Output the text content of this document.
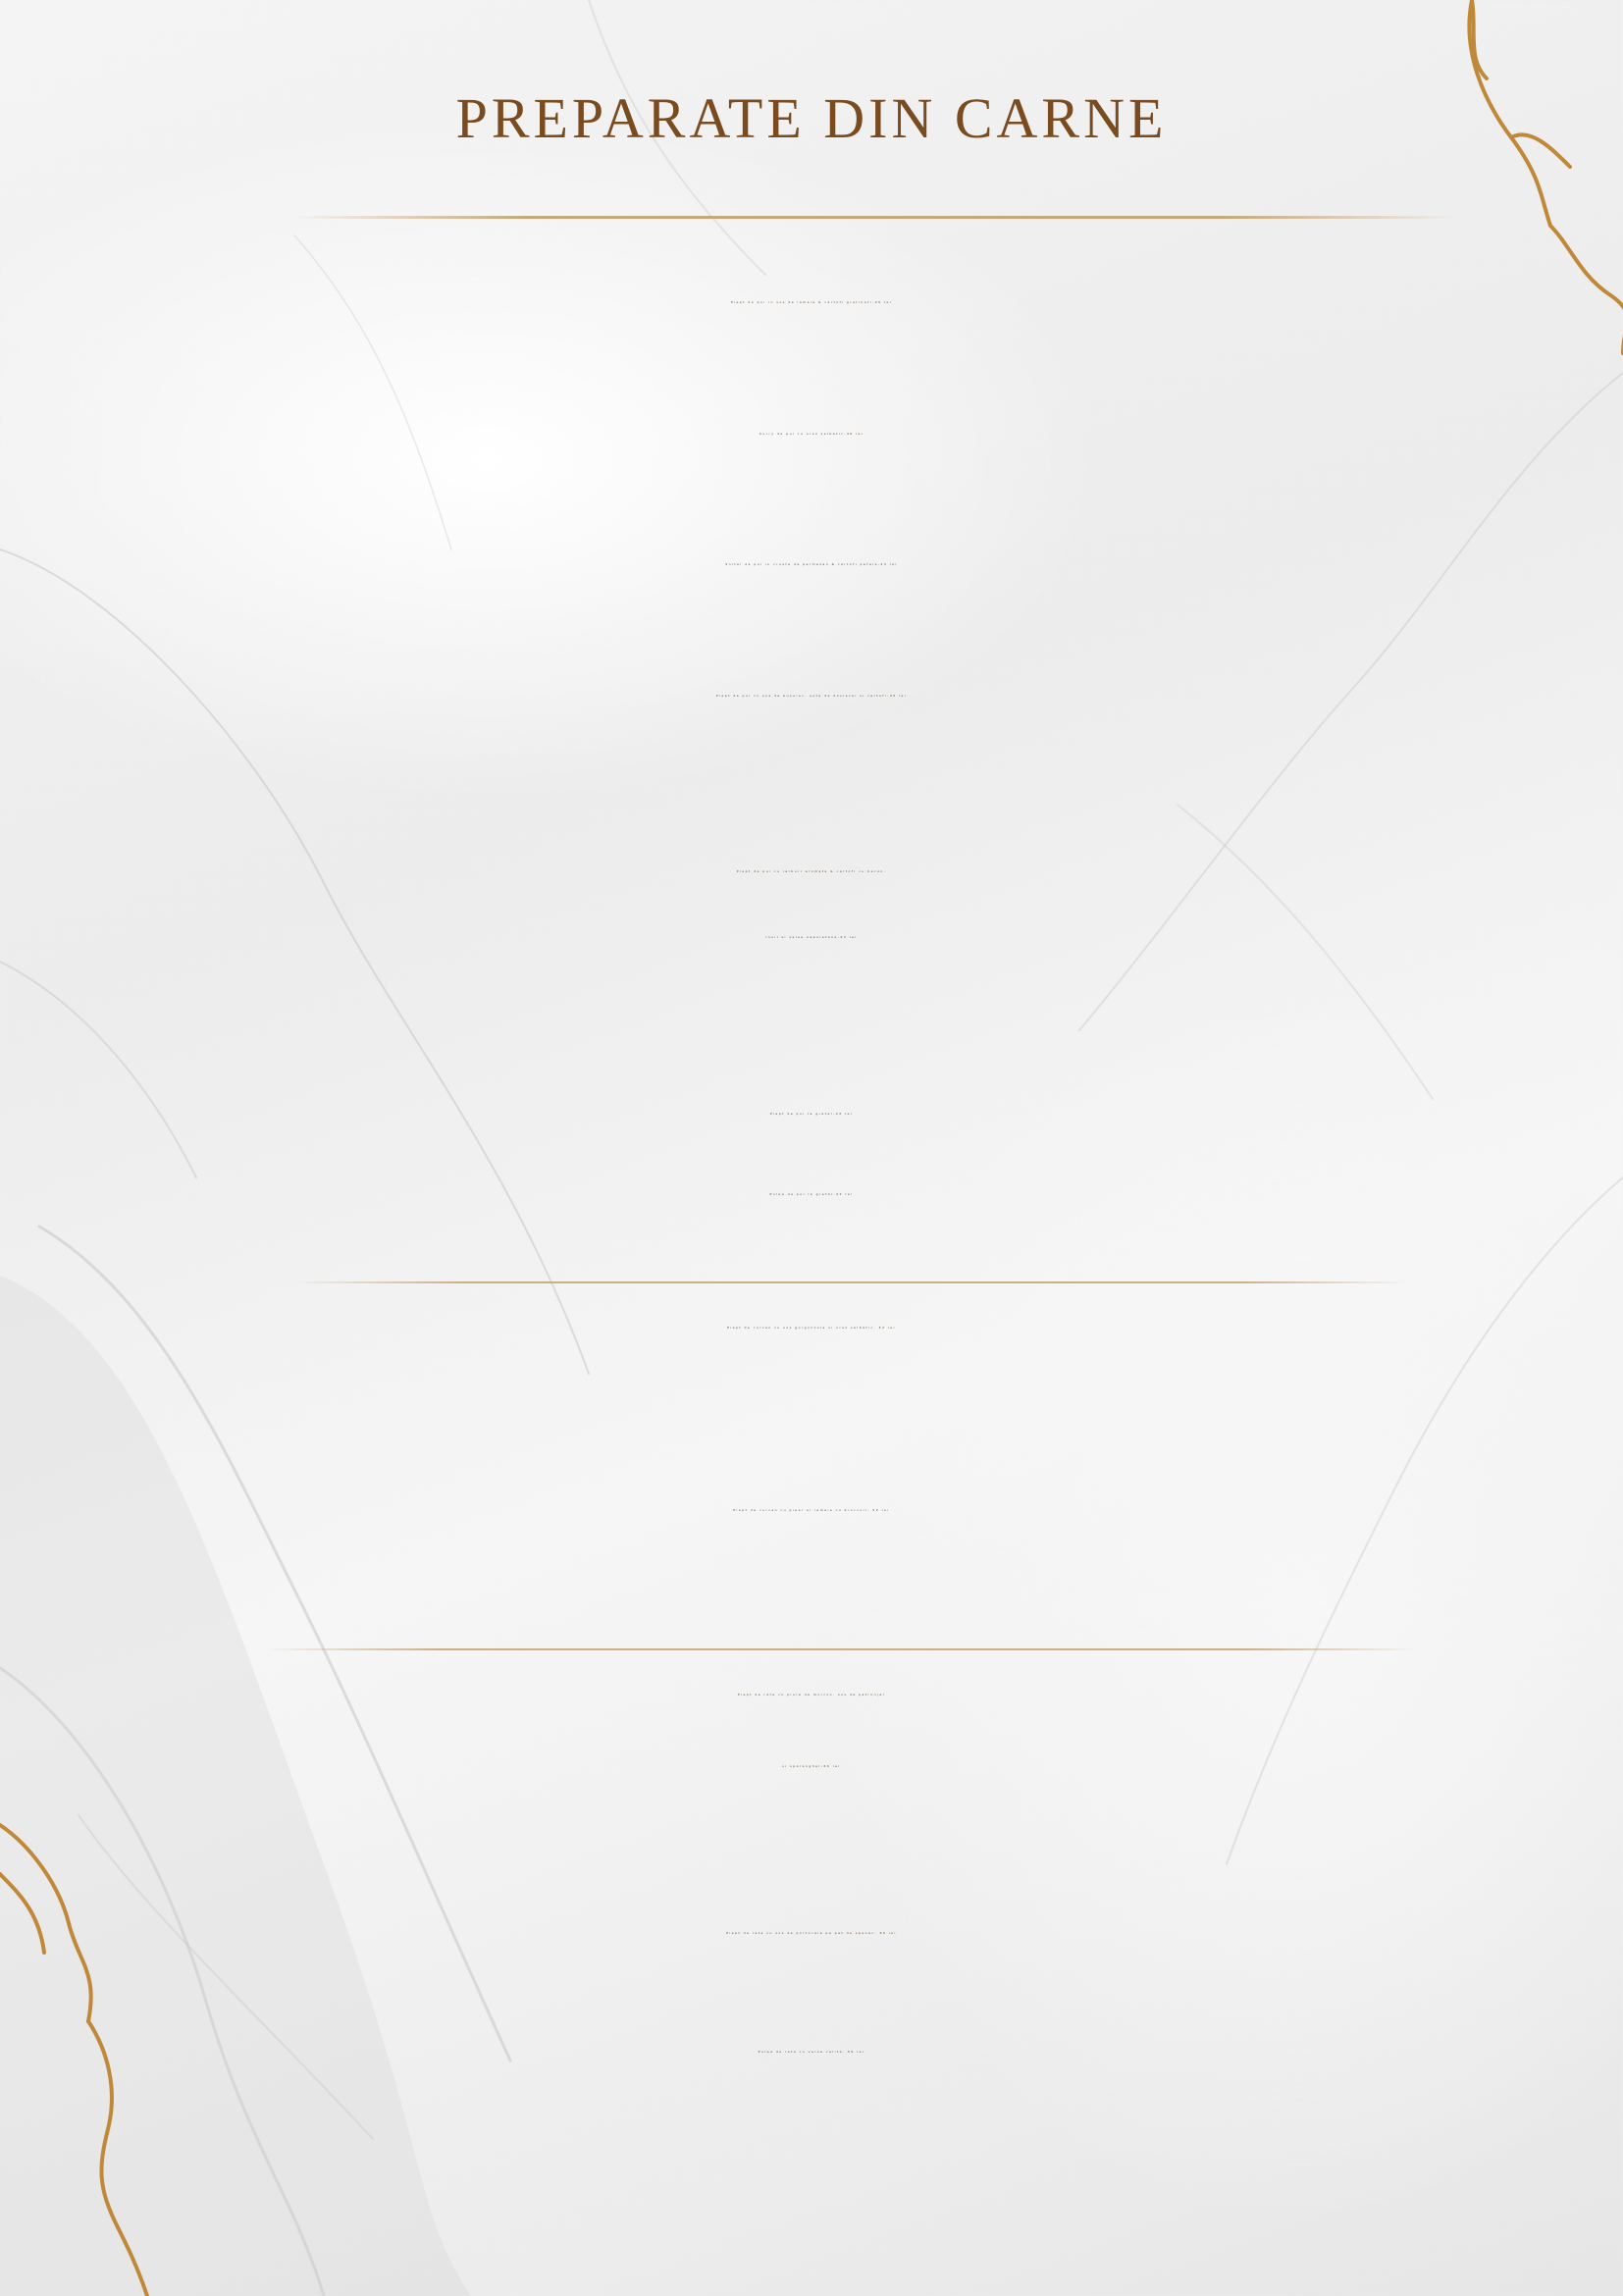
PREPARATE DIN CARNE
Piept de pui in sos de lamaie & cartofi gratinati-45 lei
Curry de pui cu orez salbatic-46 lei
Snitel de pui in crusta de parmezan & cartofi petala-43 lei
Piept de pui cu sos de busuioc, sote de dovlecei si cartofi-45 lei
Piept de pui cu ierburi aromate & cartofi cu bacon,
rosii si salsa napoletana-43 lei
Piept de pui la gratar-22 lei
Pulpa de pui la gratar-22 lei
Piept de curcan cu sos gorgonzola si orez salbatic- 52 lei
Piept de curcan cu piper si lamaie cu broccoli- 52 lei
Piept de rata cu piure de morcov, sos de patrunjel
si sparanghel-69 lei
Piept de rata cu sos de portocala pe pat de spanac- 69 lei
Pulpa de rata cu varza calita- 59 lei
